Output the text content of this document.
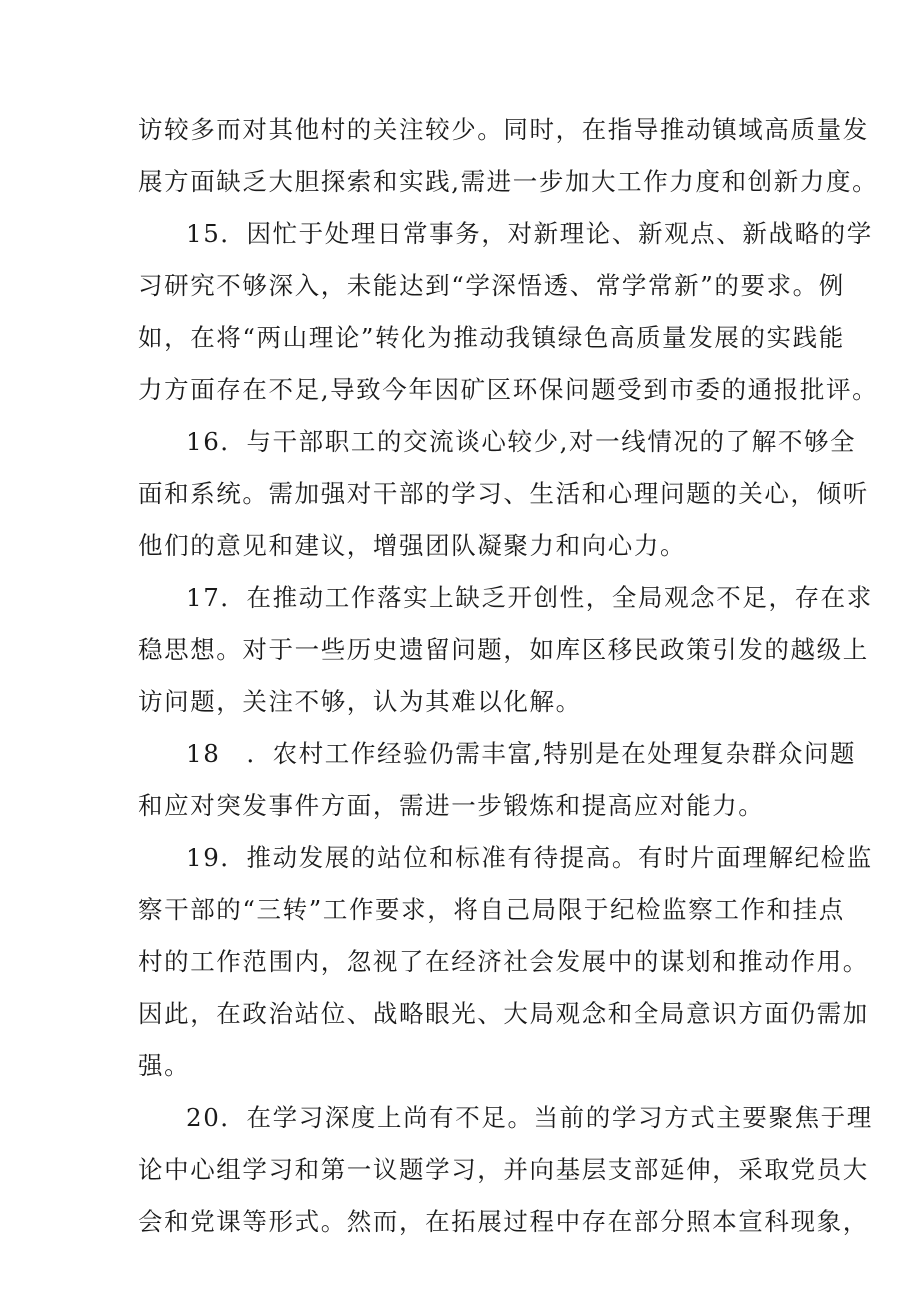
访较多而对其他村的关注较少。同时，在指导推动镇域高质量发
展方面缺乏大胆探索和实践,需进一步加大工作力度和创新力度。
15．因忙于处理日常事务，对新理论、新观点、新战略的学
习研究不够深入，未能达到“学深悟透、常学常新”的要求。例
如，在将“两山理论”转化为推动我镇绿色高质量发展的实践能
力方面存在不足,导致今年因矿区环保问题受到市委的通报批评。
16．与干部职工的交流谈心较少,对一线情况的了解不够全
面和系统。需加强对干部的学习、生活和心理问题的关心，倾听
他们的意见和建议，增强团队凝聚力和向心力。
17．在推动工作落实上缺乏开创性，全局观念不足，存在求
稳思想。对于一些历史遗留问题，如库区移民政策引发的越级上
访问题，关注不够，认为其难以化解。
18　．农村工作经验仍需丰富,特别是在处理复杂群众问题
和应对突发事件方面，需进一步锻炼和提高应对能力。
19．推动发展的站位和标准有待提高。有时片面理解纪检监
察干部的“三转”工作要求，将自己局限于纪检监察工作和挂点
村的工作范围内，忽视了在经济社会发展中的谋划和推动作用。
因此，在政治站位、战略眼光、大局观念和全局意识方面仍需加
强。
20．在学习深度上尚有不足。当前的学习方式主要聚焦于理
论中心组学习和第一议题学习，并向基层支部延伸，采取党员大
会和党课等形式。然而，在拓展过程中存在部分照本宣科现象，
